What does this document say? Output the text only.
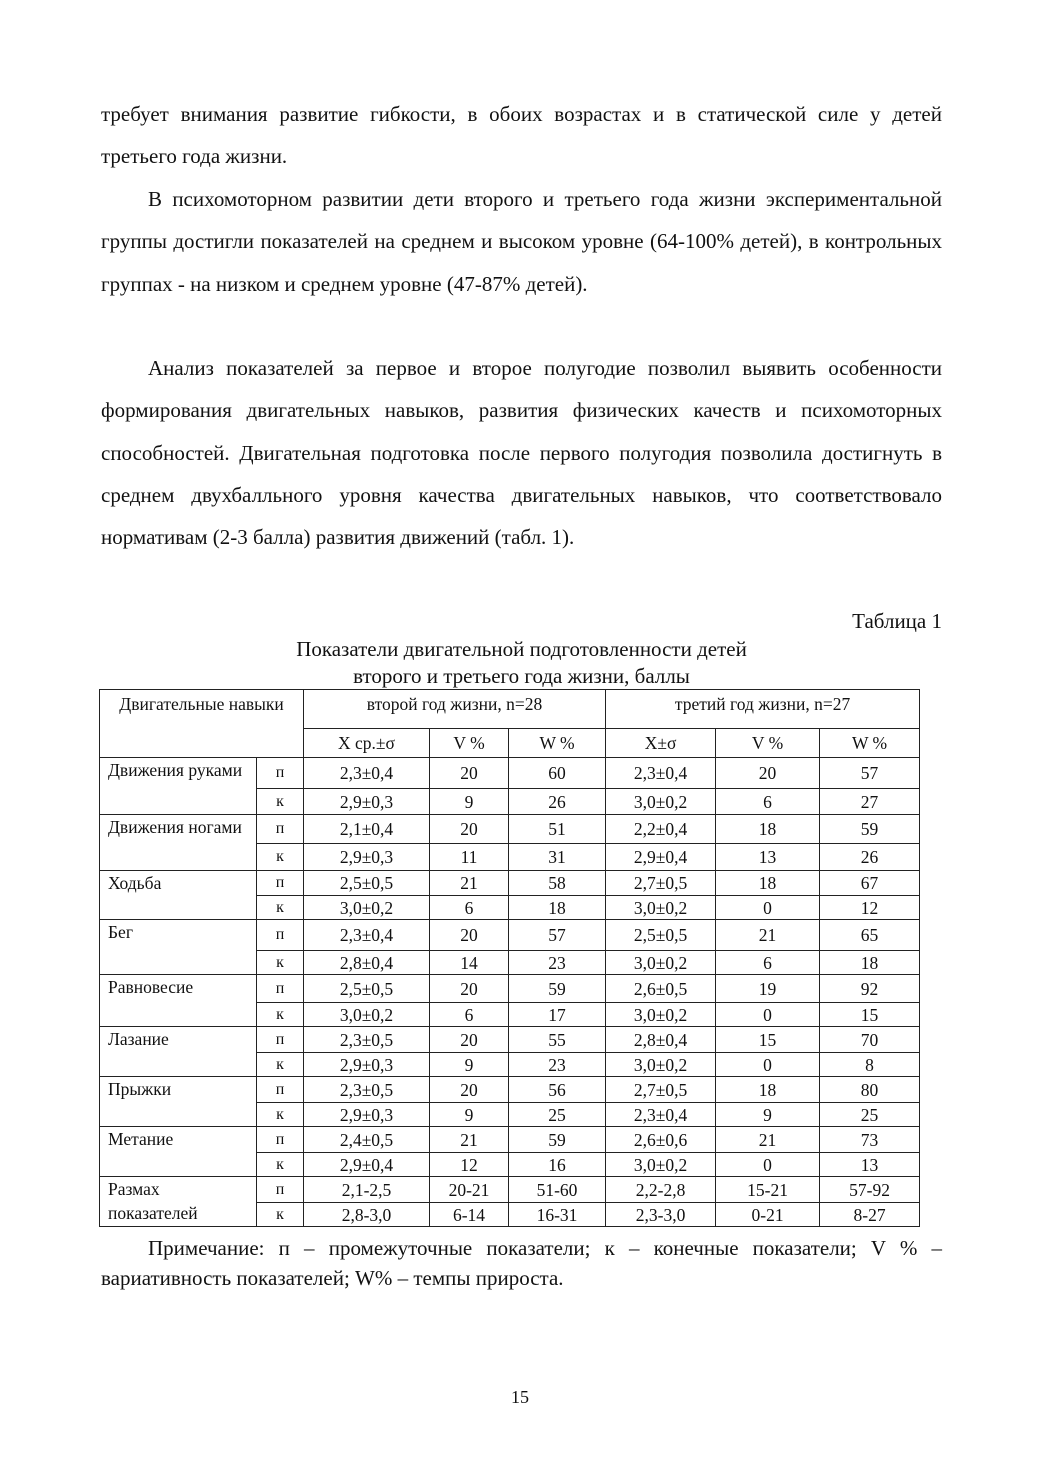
требует внимания развитие гибкости, в обоих возрастах и в статической силе у детей третьего года жизни.

В психомоторном развитии дети второго и третьего года жизни экспериментальной группы достигли показателей на среднем и высоком уровне (64-100% детей), в контрольных группах - на низком и среднем уровне (47-87% детей).

Анализ показателей за первое и второе полугодие позволил выявить особенности формирования двигательных навыков, развития физических качеств и психомоторных способностей. Двигательная подготовка после первого полугодия позволила достигнуть в среднем двухбалльного уровня качества двигательных навыков, что соответствовало нормативам (2-3 балла) развития движений (табл. 1).

Таблица 1
Показатели двигательной подготовленности детей
второго и третьего года жизни, баллы
Двигательные навыки		второй год жизни, n=28			третий год жизни, n=27		
		Х ср.±σ	V %	W %	Х±σ	V %	W %
Движения руками	п	2,3±0,4	20	60	2,3±0,4	20	57
	к	2,9±0,3	9	26	3,0±0,2	6	27
Движения ногами	п	2,1±0,4	20	51	2,2±0,4	18	59
	к	2,9±0,3	11	31	2,9±0,4	13	26
Ходьба	п	2,5±0,5	21	58	2,7±0,5	18	67
	к	3,0±0,2	6	18	3,0±0,2	0	12
Бег	п	2,3±0,4	20	57	2,5±0,5	21	65
	к	2,8±0,4	14	23	3,0±0,2	6	18
Равновесие	п	2,5±0,5	20	59	2,6±0,5	19	92
	к	3,0±0,2	6	17	3,0±0,2	0	15
Лазание	п	2,3±0,5	20	55	2,8±0,4	15	70
	к	2,9±0,3	9	23	3,0±0,2	0	8
Прыжки	п	2,3±0,5	20	56	2,7±0,5	18	80
	к	2,9±0,3	9	25	2,3±0,4	9	25
Метание	п	2,4±0,5	21	59	2,6±0,6	21	73
	к	2,9±0,4	12	16	3,0±0,2	0	13
Размах показателей	п	2,1-2,5	20-21	51-60	2,2-2,8	15-21	57-92
	к	2,8-3,0	6-14	16-31	2,3-3,0	0-21	8-27

Примечание: п – промежуточные показатели; к – конечные показатели; V % – вариативность показателей; W% – темпы прироста.

15
